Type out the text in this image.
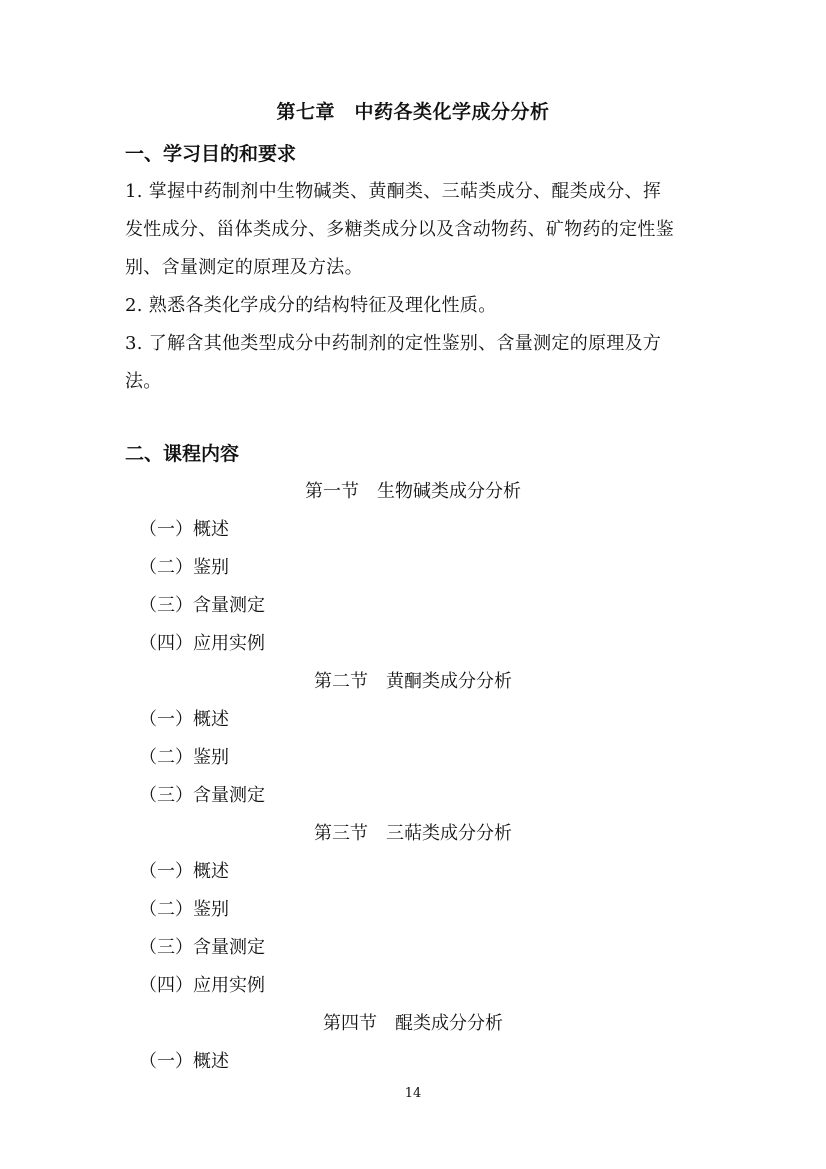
第七章　中药各类化学成分分析
一、学习目的和要求
1. 掌握中药制剂中生物碱类、黄酮类、三萜类成分、醌类成分、挥
发性成分、甾体类成分、多糖类成分以及含动物药、矿物药的定性鉴
别、含量测定的原理及方法。
2. 熟悉各类化学成分的结构特征及理化性质。
3. 了解含其他类型成分中药制剂的定性鉴别、含量测定的原理及方
法。
二、课程内容
第一节　生物碱类成分分析
（一）概述
（二）鉴别
（三）含量测定
（四）应用实例
第二节　黄酮类成分分析
（一）概述
（二）鉴别
（三）含量测定
第三节　三萜类成分分析
（一）概述
（二）鉴别
（三）含量测定
（四）应用实例
第四节　醌类成分分析
（一）概述
14
